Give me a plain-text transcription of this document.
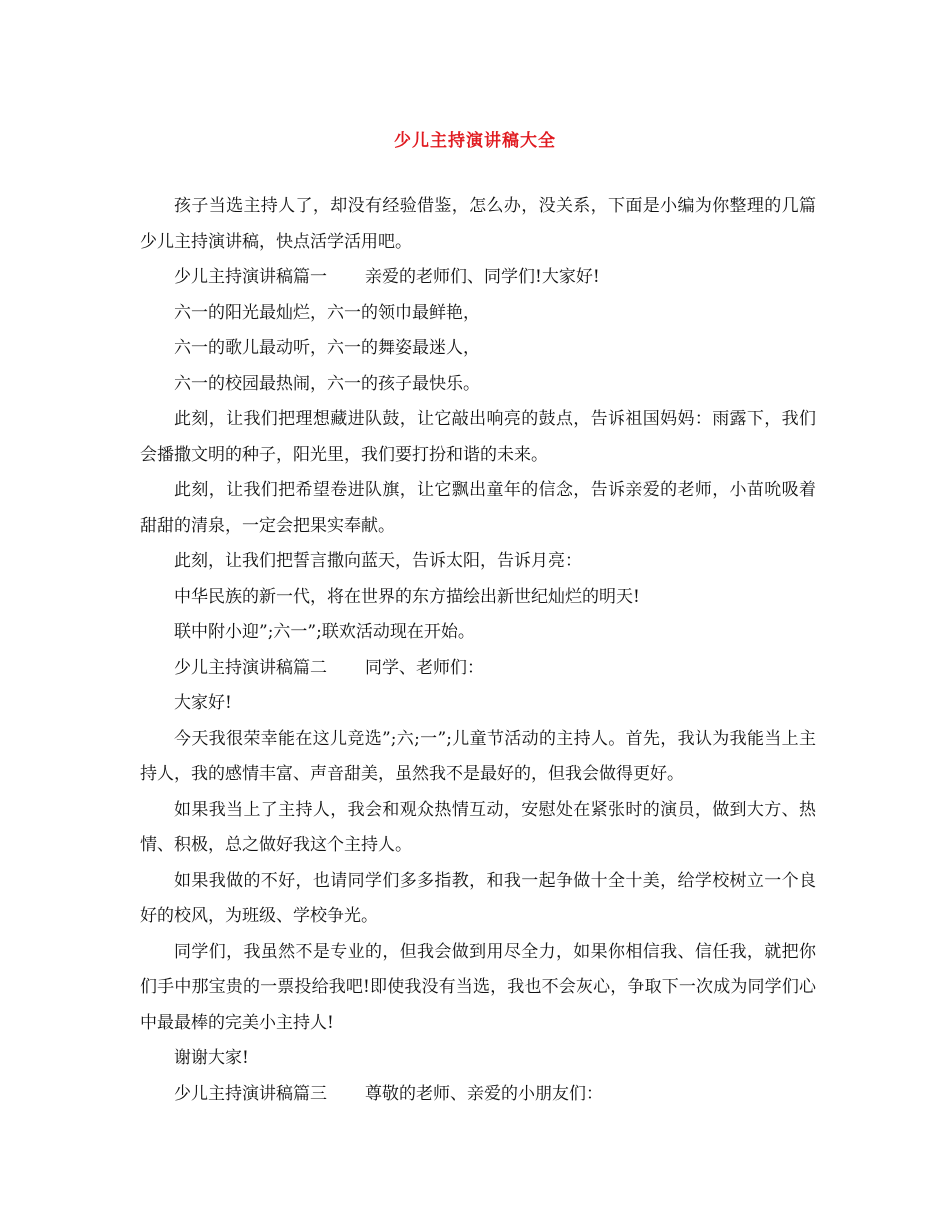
少儿主持演讲稿大全

孩子当选主持人了，却没有经验借鉴，怎么办，没关系，下面是小编为你整理的几篇少儿主持演讲稿，快点活学活用吧。

少儿主持演讲稿篇一 亲爱的老师们、同学们!大家好!

六一的阳光最灿烂，六一的领巾最鲜艳，

六一的歌儿最动听，六一的舞姿最迷人，

六一的校园最热闹，六一的孩子最快乐。

此刻，让我们把理想藏进队鼓，让它敲出响亮的鼓点，告诉祖国妈妈：雨露下，我们会播撒文明的种子，阳光里，我们要打扮和谐的未来。

此刻，让我们把希望卷进队旗，让它飘出童年的信念，告诉亲爱的老师，小苗吮吸着甜甜的清泉，一定会把果实奉献。

此刻，让我们把誓言撒向蓝天，告诉太阳，告诉月亮：

中华民族的新一代，将在世界的东方描绘出新世纪灿烂的明天!

联中附小迎”;六一”;联欢活动现在开始。

少儿主持演讲稿篇二 同学、老师们：

大家好!

今天我很荣幸能在这儿竞选”;六;一”;儿童节活动的主持人。首先，我认为我能当上主持人，我的感情丰富、声音甜美，虽然我不是最好的，但我会做得更好。

如果我当上了主持人，我会和观众热情互动，安慰处在紧张时的演员，做到大方、热情、积极，总之做好我这个主持人。

如果我做的不好，也请同学们多多指教，和我一起争做十全十美，给学校树立一个良好的校风，为班级、学校争光。

同学们，我虽然不是专业的，但我会做到用尽全力，如果你相信我、信任我，就把你们手中那宝贵的一票投给我吧!即使我没有当选，我也不会灰心，争取下一次成为同学们心中最最棒的完美小主持人!

谢谢大家!

少儿主持演讲稿篇三 尊敬的老师、亲爱的小朋友们：
